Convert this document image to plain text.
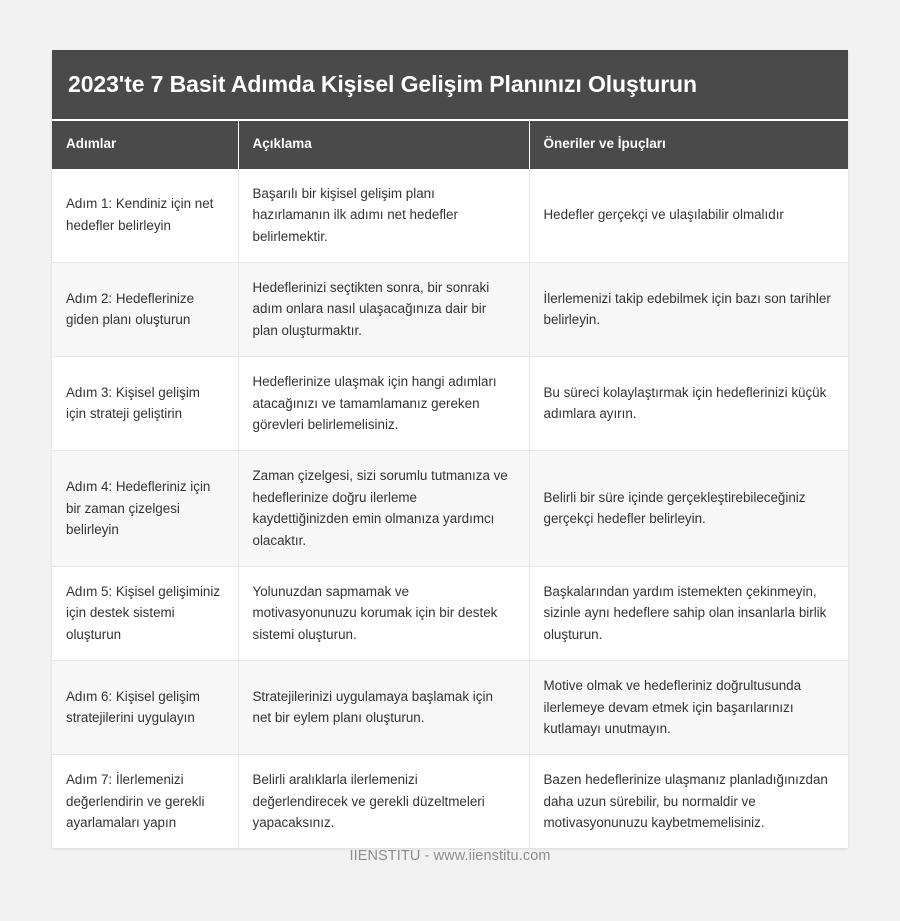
2023'te 7 Basit Adımda Kişisel Gelişim Planınızı Oluşturun		
Adımlar	Açıklama	Öneriler ve İpuçları
Adım 1: Kendiniz için net hedefler belirleyin	Başarılı bir kişisel gelişim planı hazırlamanın ilk adımı net hedefler belirlemektir.	Hedefler gerçekçi ve ulaşılabilir olmalıdır
Adım 2: Hedeflerinize giden planı oluşturun	Hedeflerinizi seçtikten sonra, bir sonraki adım onlara nasıl ulaşacağınıza dair bir plan oluşturmaktır.	İlerlemenizi takip edebilmek için bazı son tarihler belirleyin.
Adım 3: Kişisel gelişim için strateji geliştirin	Hedeflerinize ulaşmak için hangi adımları atacağınızı ve tamamlamanız gereken görevleri belirlemelisiniz.	Bu süreci kolaylaştırmak için hedeflerinizi küçük adımlara ayırın.
Adım 4: Hedefleriniz için bir zaman çizelgesi belirleyin	Zaman çizelgesi, sizi sorumlu tutmanıza ve hedeflerinize doğru ilerleme kaydettiğinizden emin olmanıza yardımcı olacaktır.	Belirli bir süre içinde gerçekleştirebileceğiniz gerçekçi hedefler belirleyin.
Adım 5: Kişisel gelişiminiz için destek sistemi oluşturun	Yolunuzdan sapmamak ve motivasyonunuzu korumak için bir destek sistemi oluşturun.	Başkalarından yardım istemekten çekinmeyin, sizinle aynı hedeflere sahip olan insanlarla birlik oluşturun.
Adım 6: Kişisel gelişim stratejilerini uygulayın	Stratejilerinizi uygulamaya başlamak için net bir eylem planı oluşturun.	Motive olmak ve hedefleriniz doğrultusunda ilerlemeye devam etmek için başarılarınızı kutlamayı unutmayın.
Adım 7: İlerlemenizi değerlendirin ve gerekli ayarlamaları yapın	Belirli aralıklarla ilerlemenizi değerlendirecek ve gerekli düzeltmeleri yapacaksınız.	Bazen hedeflerinize ulaşmanız planladığınızdan daha uzun sürebilir, bu normaldir ve motivasyonunuzu kaybetmemelisiniz.
IIENSTITU - www.iienstitu.com
